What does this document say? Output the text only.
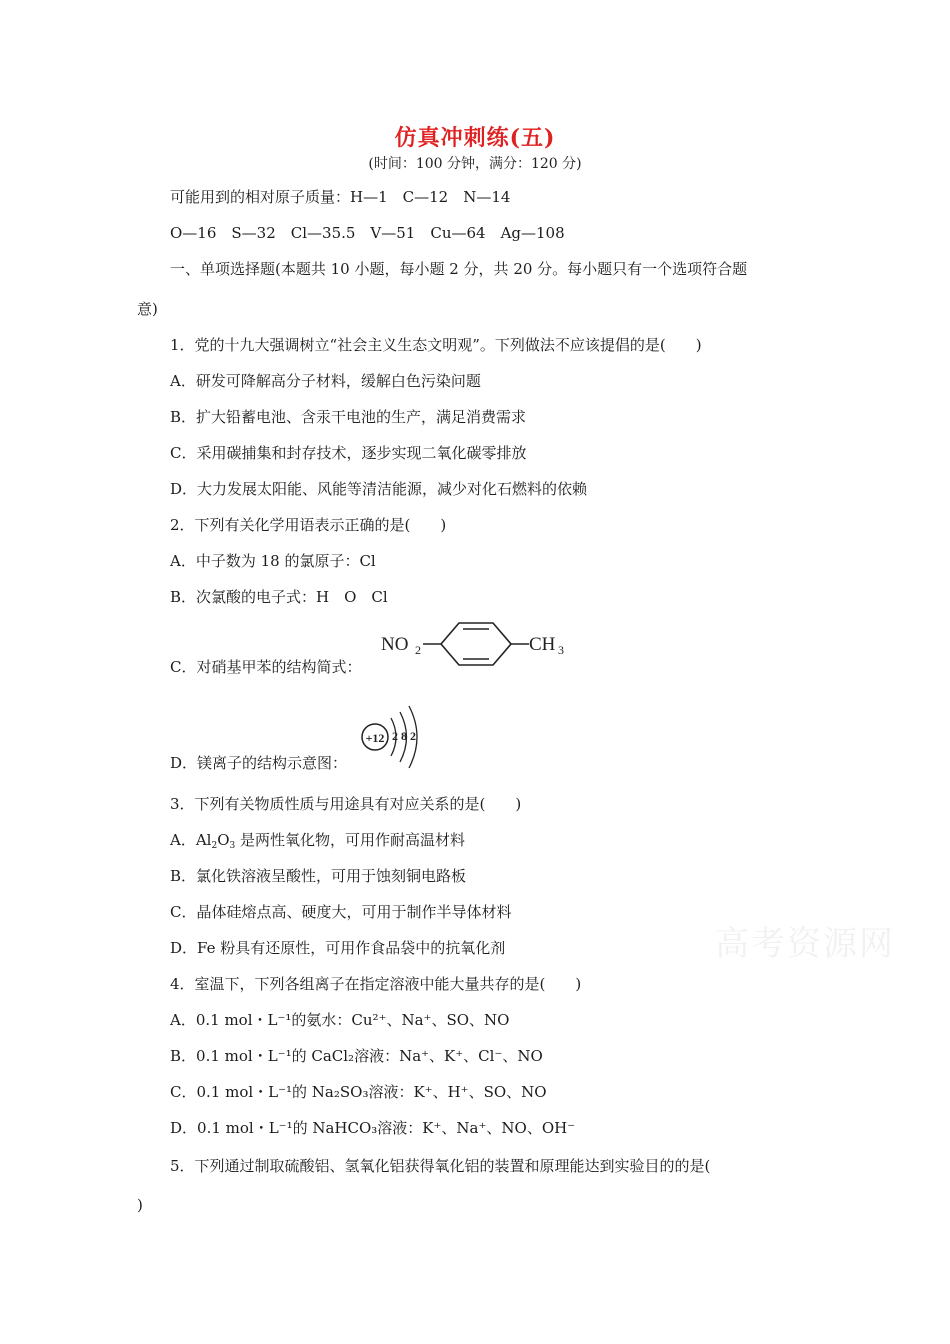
仿真冲刺练(五)
(时间：100 分钟，满分：120 分)
可能用到的相对原子质量：H—1　C—12　N—14
O—16　S—32　Cl—35.5　V—51　Cu—64　Ag—108
一、单项选择题(本题共 10 小题，每小题 2 分，共 20 分。每小题只有一个选项符合题
意)
1．党的十九大强调树立“社会主义生态文明观”。下列做法不应该提倡的是(　　)
A．研发可降解高分子材料，缓解白色污染问题
B．扩大铅蓄电池、含汞干电池的生产，满足消费需求
C．采用碳捕集和封存技术，逐步实现二氧化碳零排放
D．大力发展太阳能、风能等清洁能源，减少对化石燃料的依赖
2．下列有关化学用语表示正确的是(　　)
A．中子数为 18 的氯原子：Cl
B．次氯酸的电子式：H　O　Cl
C．对硝基甲苯的结构简式：
NO 2	CH 3
D．镁离子的结构示意图：
+12 2 8 2
3．下列有关物质性质与用途具有对应关系的是(　　)
A．$Al_2O_3$ 是两性氧化物，可用作耐高温材料
B．氯化铁溶液呈酸性，可用于蚀刻铜电路板
C．晶体硅熔点高、硬度大，可用于制作半导体材料
D．Fe 粉具有还原性，可用作食品袋中的抗氧化剂	高考资源网
4．室温下，下列各组离子在指定溶液中能大量共存的是(　　)
A．0.1 mol・L⁻¹的氨水：Cu²⁺、Na⁺、SO、NO
B．0.1 mol・L⁻¹的 CaCl₂溶液：Na⁺、K⁺、Cl⁻、NO
C．0.1 mol・L⁻¹的 Na₂SO₃溶液：K⁺、H⁺、SO、NO
D．0.1 mol・L⁻¹的 NaHCO₃溶液：K⁺、Na⁺、NO、OH⁻
5．下列通过制取硫酸铝、氢氧化铝获得氧化铝的装置和原理能达到实验目的的是(
)
